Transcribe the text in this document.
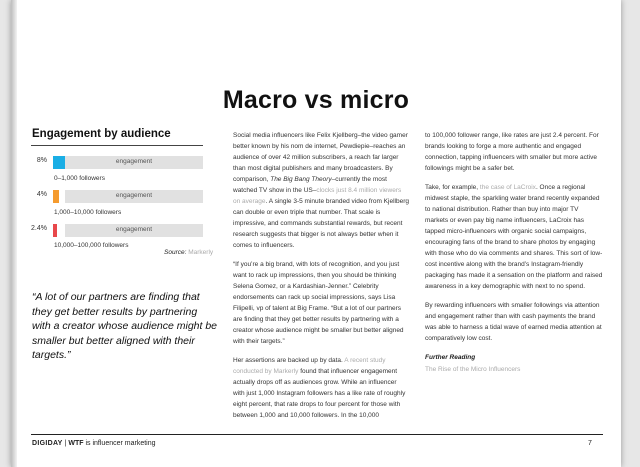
Macro vs micro
Engagement by audience
8%	engagement
0–1,000 followers
4%	engagement
1,000–10,000 followers
2.4%	engagement
10,000–100,000 followers
Source: Markerly
“A lot of our partners are finding that they get better results by partnering with a creator whose audience might be smaller but better aligned with their targets.”

Social media influencers like Felix Kjellberg–the video gamer better known by his nom de internet, Pewdiepie–reaches an audience of over 42 million subscribers, a reach far larger than most digital publishers and many broadcasters. By comparison, The Big Bang Theory–currently the most watched TV show in the US–clocks just 8.4 million viewers on average. A single 3-5 minute branded video from Kjellberg can double or even triple that number. That scale is impressive, and commands substantial rewards, but recent research suggests that bigger is not always better when it comes to influencers.

“If you’re a big brand, with lots of recognition, and you just want to rack up impressions, then you should be thinking Selena Gomez, or a Kardashian-Jenner.” Celebrity endorsements can rack up social impressions, says Lisa Filipelli, vp of talent at Big Frame. “But a lot of our partners are finding that they get better results by partnering with a creator whose audience might be smaller but better aligned with their targets.”

Her assertions are backed up by data. A recent study conducted by Markerly found that influencer engagement actually drops off as audiences grow. While an influencer with just 1,000 Instagram followers has a like rate of roughly eight percent, that rate drops to four percent for those with between 1,000 and 10,000 followers. In the 10,000

to 100,000 follower range, like rates are just 2.4 percent. For brands looking to forge a more authentic and engaged connection, tapping influencers with smaller but more active followings might be a safer bet.

Take, for example, the case of LaCroix. Once a regional midwest staple, the sparkling water brand recently expanded to national distribution. Rather than buy into major TV markets or even pay big name influencers, LaCroix has tapped micro-influencers with organic social campaigns, encouraging fans of the brand to share photos by engaging with those who do via comments and shares. This sort of low-cost incentive along with the brand’s Instagram-friendly packaging has made it a sensation on the platform and raised awareness in a key demographic with next to no spend.

By rewarding influencers with smaller followings via attention and engagement rather than with cash payments the brand was able to harness a tidal wave of earned media attention at comparatively low cost.

Further Reading
The Rise of the Micro Influencers
DIGIDAY | WTF is influencer marketing	7
